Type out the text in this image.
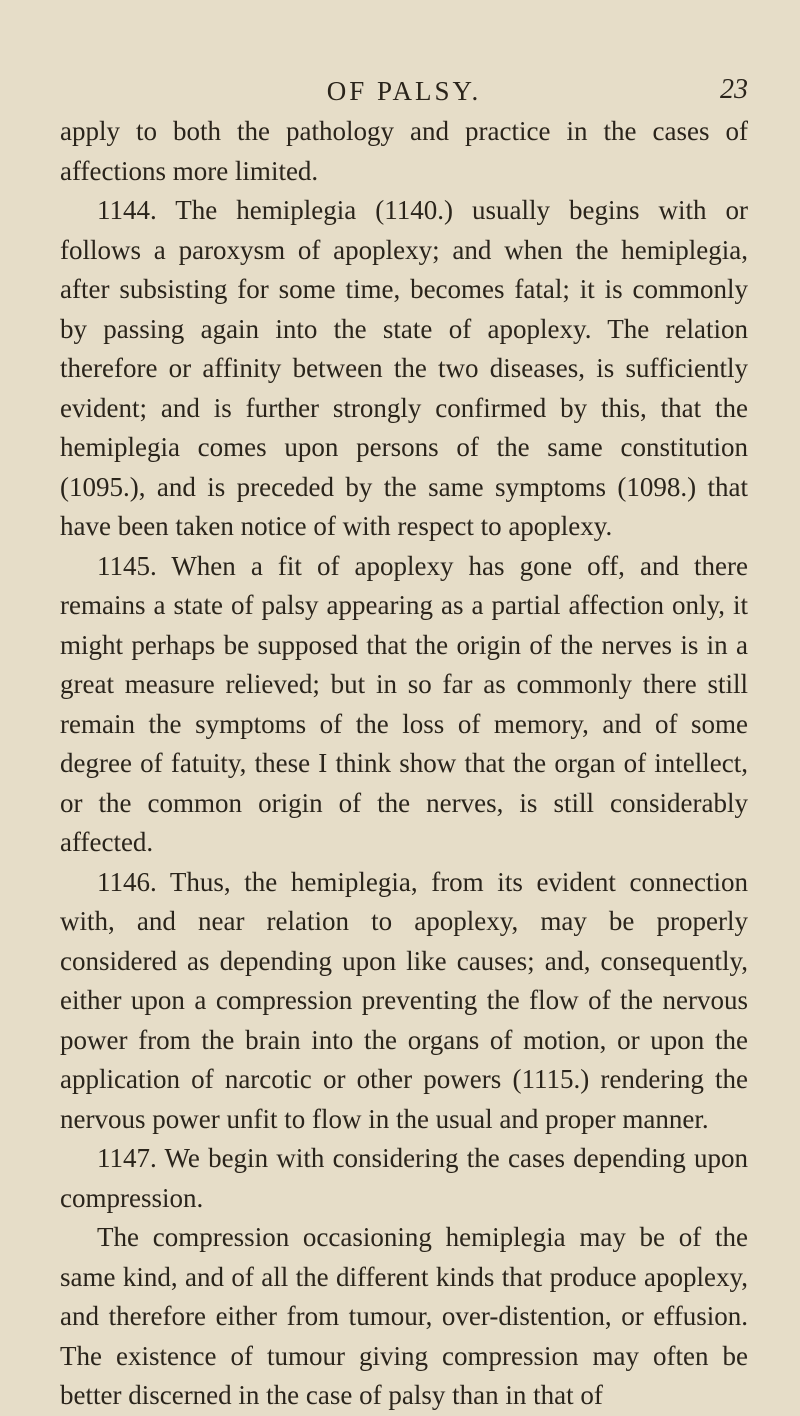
OF PALSY.	23

apply to both the pathology and practice in the cases of affections more limited.

1144. The hemiplegia (1140.) usually begins with or follows a paroxysm of apoplexy; and when the hemiplegia, after subsisting for some time, becomes fatal; it is commonly by passing again into the state of apoplexy. The relation therefore or affinity between the two diseases, is sufficiently evident; and is further strongly confirmed by this, that the hemiplegia comes upon persons of the same constitution (1095.), and is preceded by the same symptoms (1098.) that have been taken notice of with respect to apoplexy.

1145. When a fit of apoplexy has gone off, and there remains a state of palsy appearing as a partial affection only, it might perhaps be supposed that the origin of the nerves is in a great measure relieved; but in so far as commonly there still remain the symptoms of the loss of memory, and of some degree of fatuity, these I think show that the organ of intellect, or the common origin of the nerves, is still considerably affected.

1146. Thus, the hemiplegia, from its evident connection with, and near relation to apoplexy, may be properly considered as depending upon like causes; and, consequently, either upon a compression preventing the flow of the nervous power from the brain into the organs of motion, or upon the application of narcotic or other powers (1115.) rendering the nervous power unfit to flow in the usual and proper manner.

1147. We begin with considering the cases depending upon compression.

The compression occasioning hemiplegia may be of the same kind, and of all the different kinds that produce apoplexy, and therefore either from tumour, over-distention, or effusion. The existence of tumour giving compression may often be better discerned in the case of palsy than in that of
